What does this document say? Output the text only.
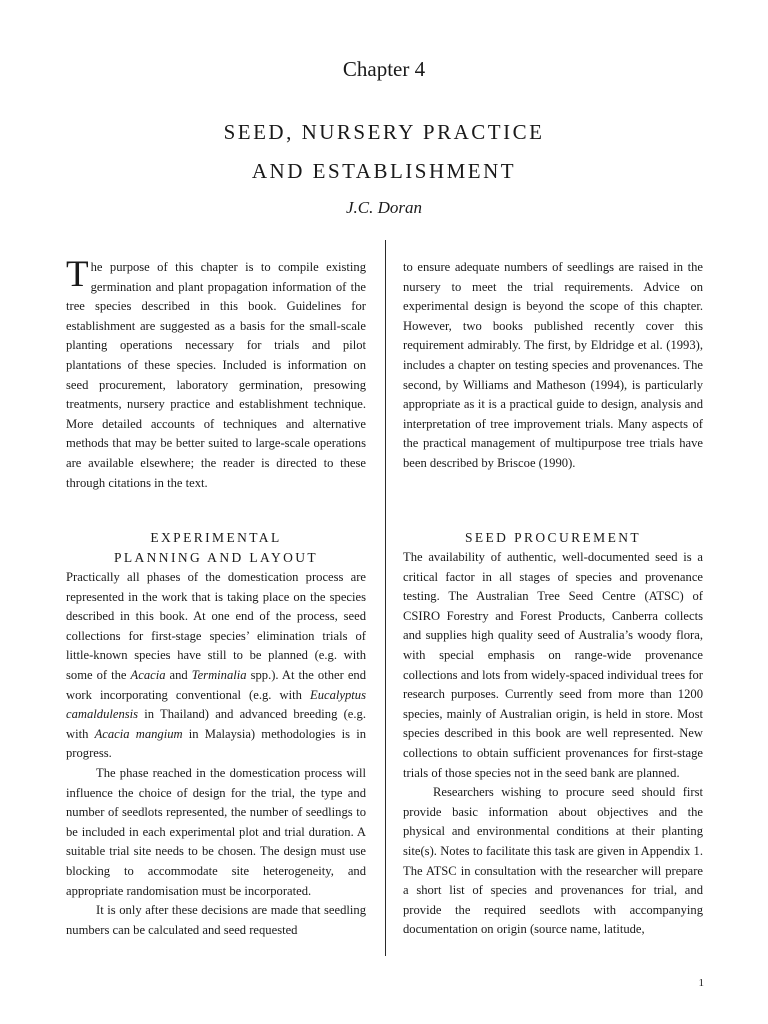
Chapter 4
SEED, NURSERY PRACTICE
AND ESTABLISHMENT
J.C. Doran

The purpose of this chapter is to compile existing germination and plant propagation information of the tree species described in this book. Guidelines for establishment are suggested as a basis for the small-scale planting operations necessary for trials and pilot plantations of these species. Included is information on seed procurement, laboratory germination, presowing treatments, nursery practice and establishment technique. More detailed accounts of techniques and alternative methods that may be better suited to large-scale operations are available elsewhere; the reader is directed to these through citations in the text.

to ensure adequate numbers of seedlings are raised in the nursery to meet the trial requirements. Advice on experimental design is beyond the scope of this chapter. However, two books published recently cover this requirement admirably. The first, by Eldridge et al. (1993), includes a chapter on testing species and provenances. The second, by Williams and Matheson (1994), is particularly appropriate as it is a practical guide to design, analysis and interpretation of tree improvement trials. Many aspects of the practical management of multipurpose tree trials have been described by Briscoe (1990).

EXPERIMENTAL
PLANNING AND LAYOUT

Practically all phases of the domestication process are represented in the work that is taking place on the species described in this book. At one end of the process, seed collections for first-stage species’ elimination trials of little-known species have still to be planned (e.g. with some of the Acacia and Terminalia spp.). At the other end work incorporating conventional (e.g. with Eucalyptus camaldulensis in Thailand) and advanced breeding (e.g. with Acacia mangium in Malaysia) methodologies is in progress.

The phase reached in the domestication process will influence the choice of design for the trial, the type and number of seedlots represented, the number of seedlings to be included in each experimental plot and trial duration. A suitable trial site needs to be chosen. The design must use blocking to accommodate site heterogeneity, and appropriate randomisation must be incorporated.

It is only after these decisions are made that seedling numbers can be calculated and seed requested

SEED PROCUREMENT

The availability of authentic, well-documented seed is a critical factor in all stages of species and provenance testing. The Australian Tree Seed Centre (ATSC) of CSIRO Forestry and Forest Products, Canberra collects and supplies high quality seed of Australia’s woody flora, with special emphasis on range-wide provenance collections and lots from widely-spaced individual trees for research purposes. Currently seed from more than 1200 species, mainly of Australian origin, is held in store. Most species described in this book are well represented. New collections to obtain sufficient provenances for first-stage trials of those species not in the seed bank are planned.

Researchers wishing to procure seed should first provide basic information about objectives and the physical and environmental conditions at their planting site(s). Notes to facilitate this task are given in Appendix 1. The ATSC in consultation with the researcher will prepare a short list of species and provenances for trial, and provide the required seedlots with accompanying documentation on origin (source name, latitude,

1
